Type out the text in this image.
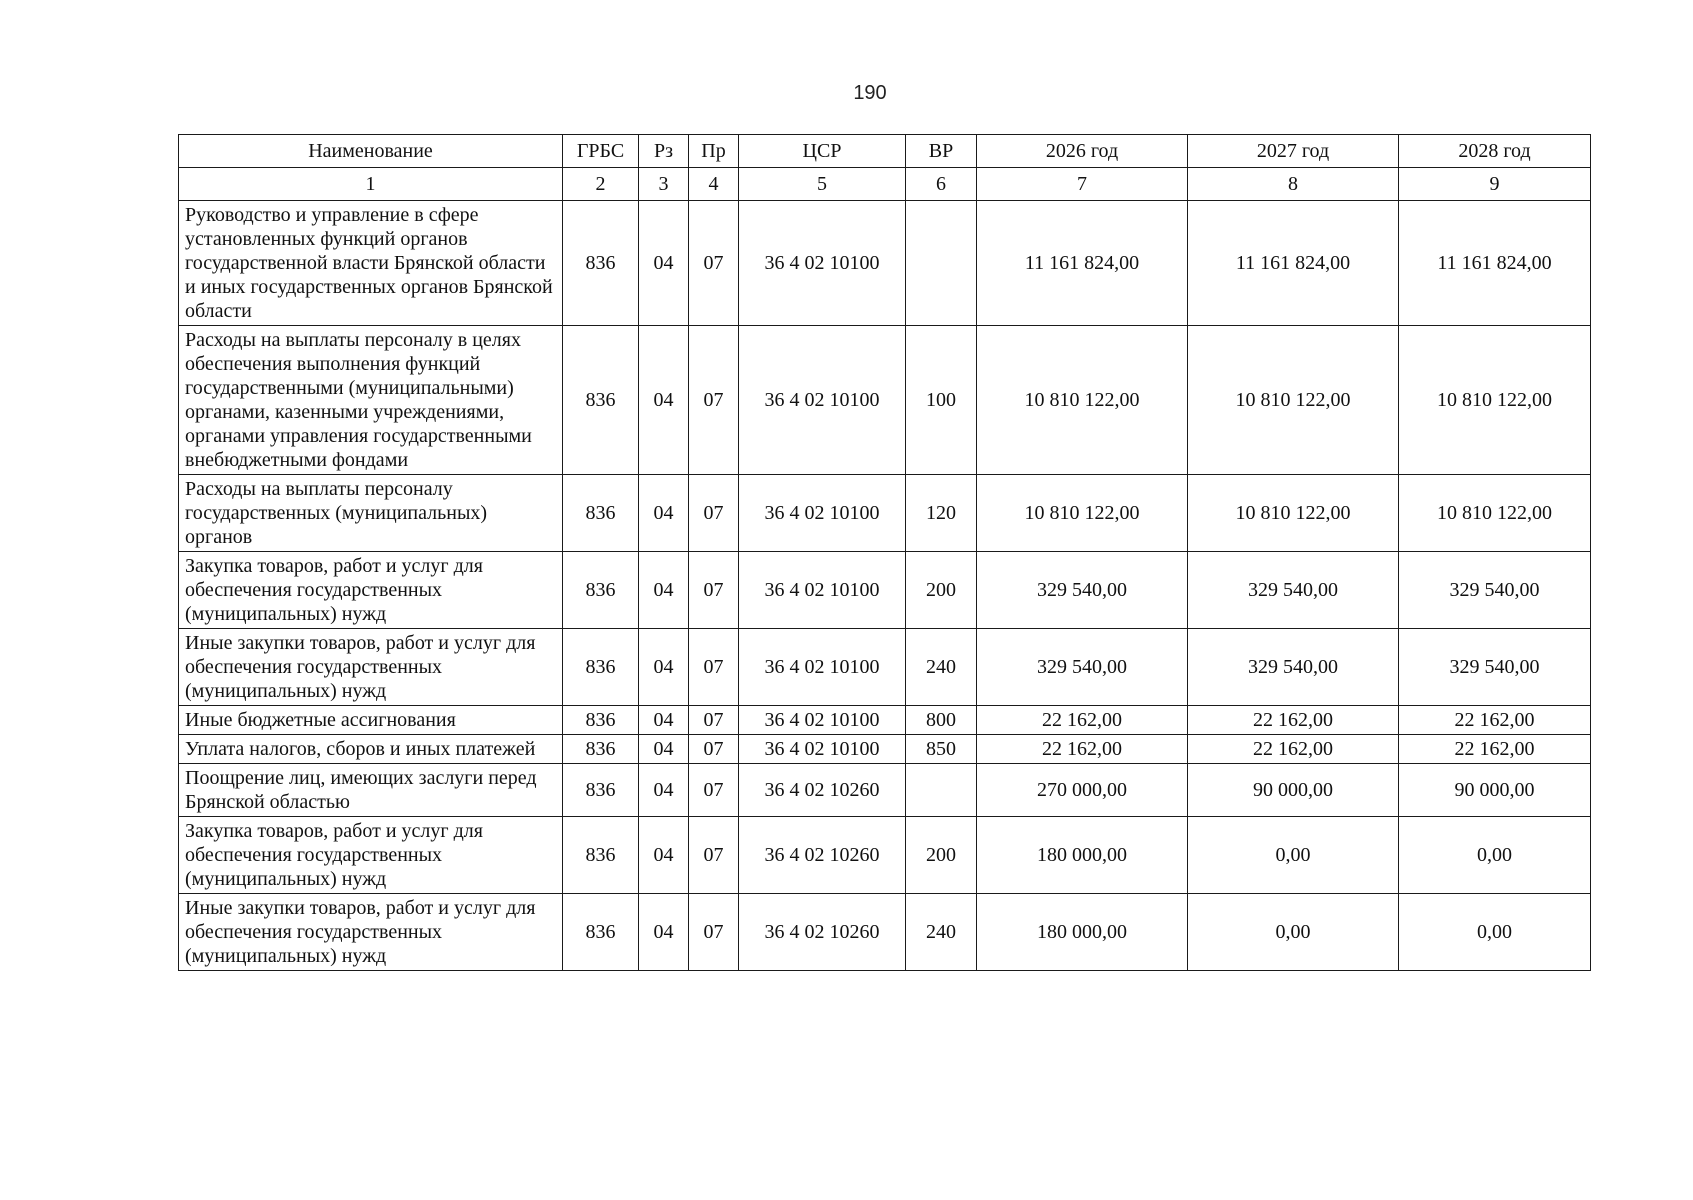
190
Наименование	ГРБС	Рз	Пр	ЦСР	ВР	2026 год	2027 год	2028 год
1	2	3	4	5	6	7	8	9
Руководство и управление в сфере установленных функций органов государственной власти Брянской области и иных государственных органов Брянской области	836	04	07	36 4 02 10100		11 161 824,00	11 161 824,00	11 161 824,00
Расходы на выплаты персоналу в целях обеспечения выполнения функций государственными (муниципальными) органами, казенными учреждениями, органами управления государственными внебюджетными фондами	836	04	07	36 4 02 10100	100	10 810 122,00	10 810 122,00	10 810 122,00
Расходы на выплаты персоналу государственных (муниципальных) органов	836	04	07	36 4 02 10100	120	10 810 122,00	10 810 122,00	10 810 122,00
Закупка товаров, работ и услуг для обеспечения государственных (муниципальных) нужд	836	04	07	36 4 02 10100	200	329 540,00	329 540,00	329 540,00
Иные закупки товаров, работ и услуг для обеспечения государственных (муниципальных) нужд	836	04	07	36 4 02 10100	240	329 540,00	329 540,00	329 540,00
Иные бюджетные ассигнования	836	04	07	36 4 02 10100	800	22 162,00	22 162,00	22 162,00
Уплата налогов, сборов и иных платежей	836	04	07	36 4 02 10100	850	22 162,00	22 162,00	22 162,00
Поощрение лиц, имеющих заслуги перед Брянской областью	836	04	07	36 4 02 10260		270 000,00	90 000,00	90 000,00
Закупка товаров, работ и услуг для обеспечения государственных (муниципальных) нужд	836	04	07	36 4 02 10260	200	180 000,00	0,00	0,00
Иные закупки товаров, работ и услуг для обеспечения государственных (муниципальных) нужд	836	04	07	36 4 02 10260	240	180 000,00	0,00	0,00
